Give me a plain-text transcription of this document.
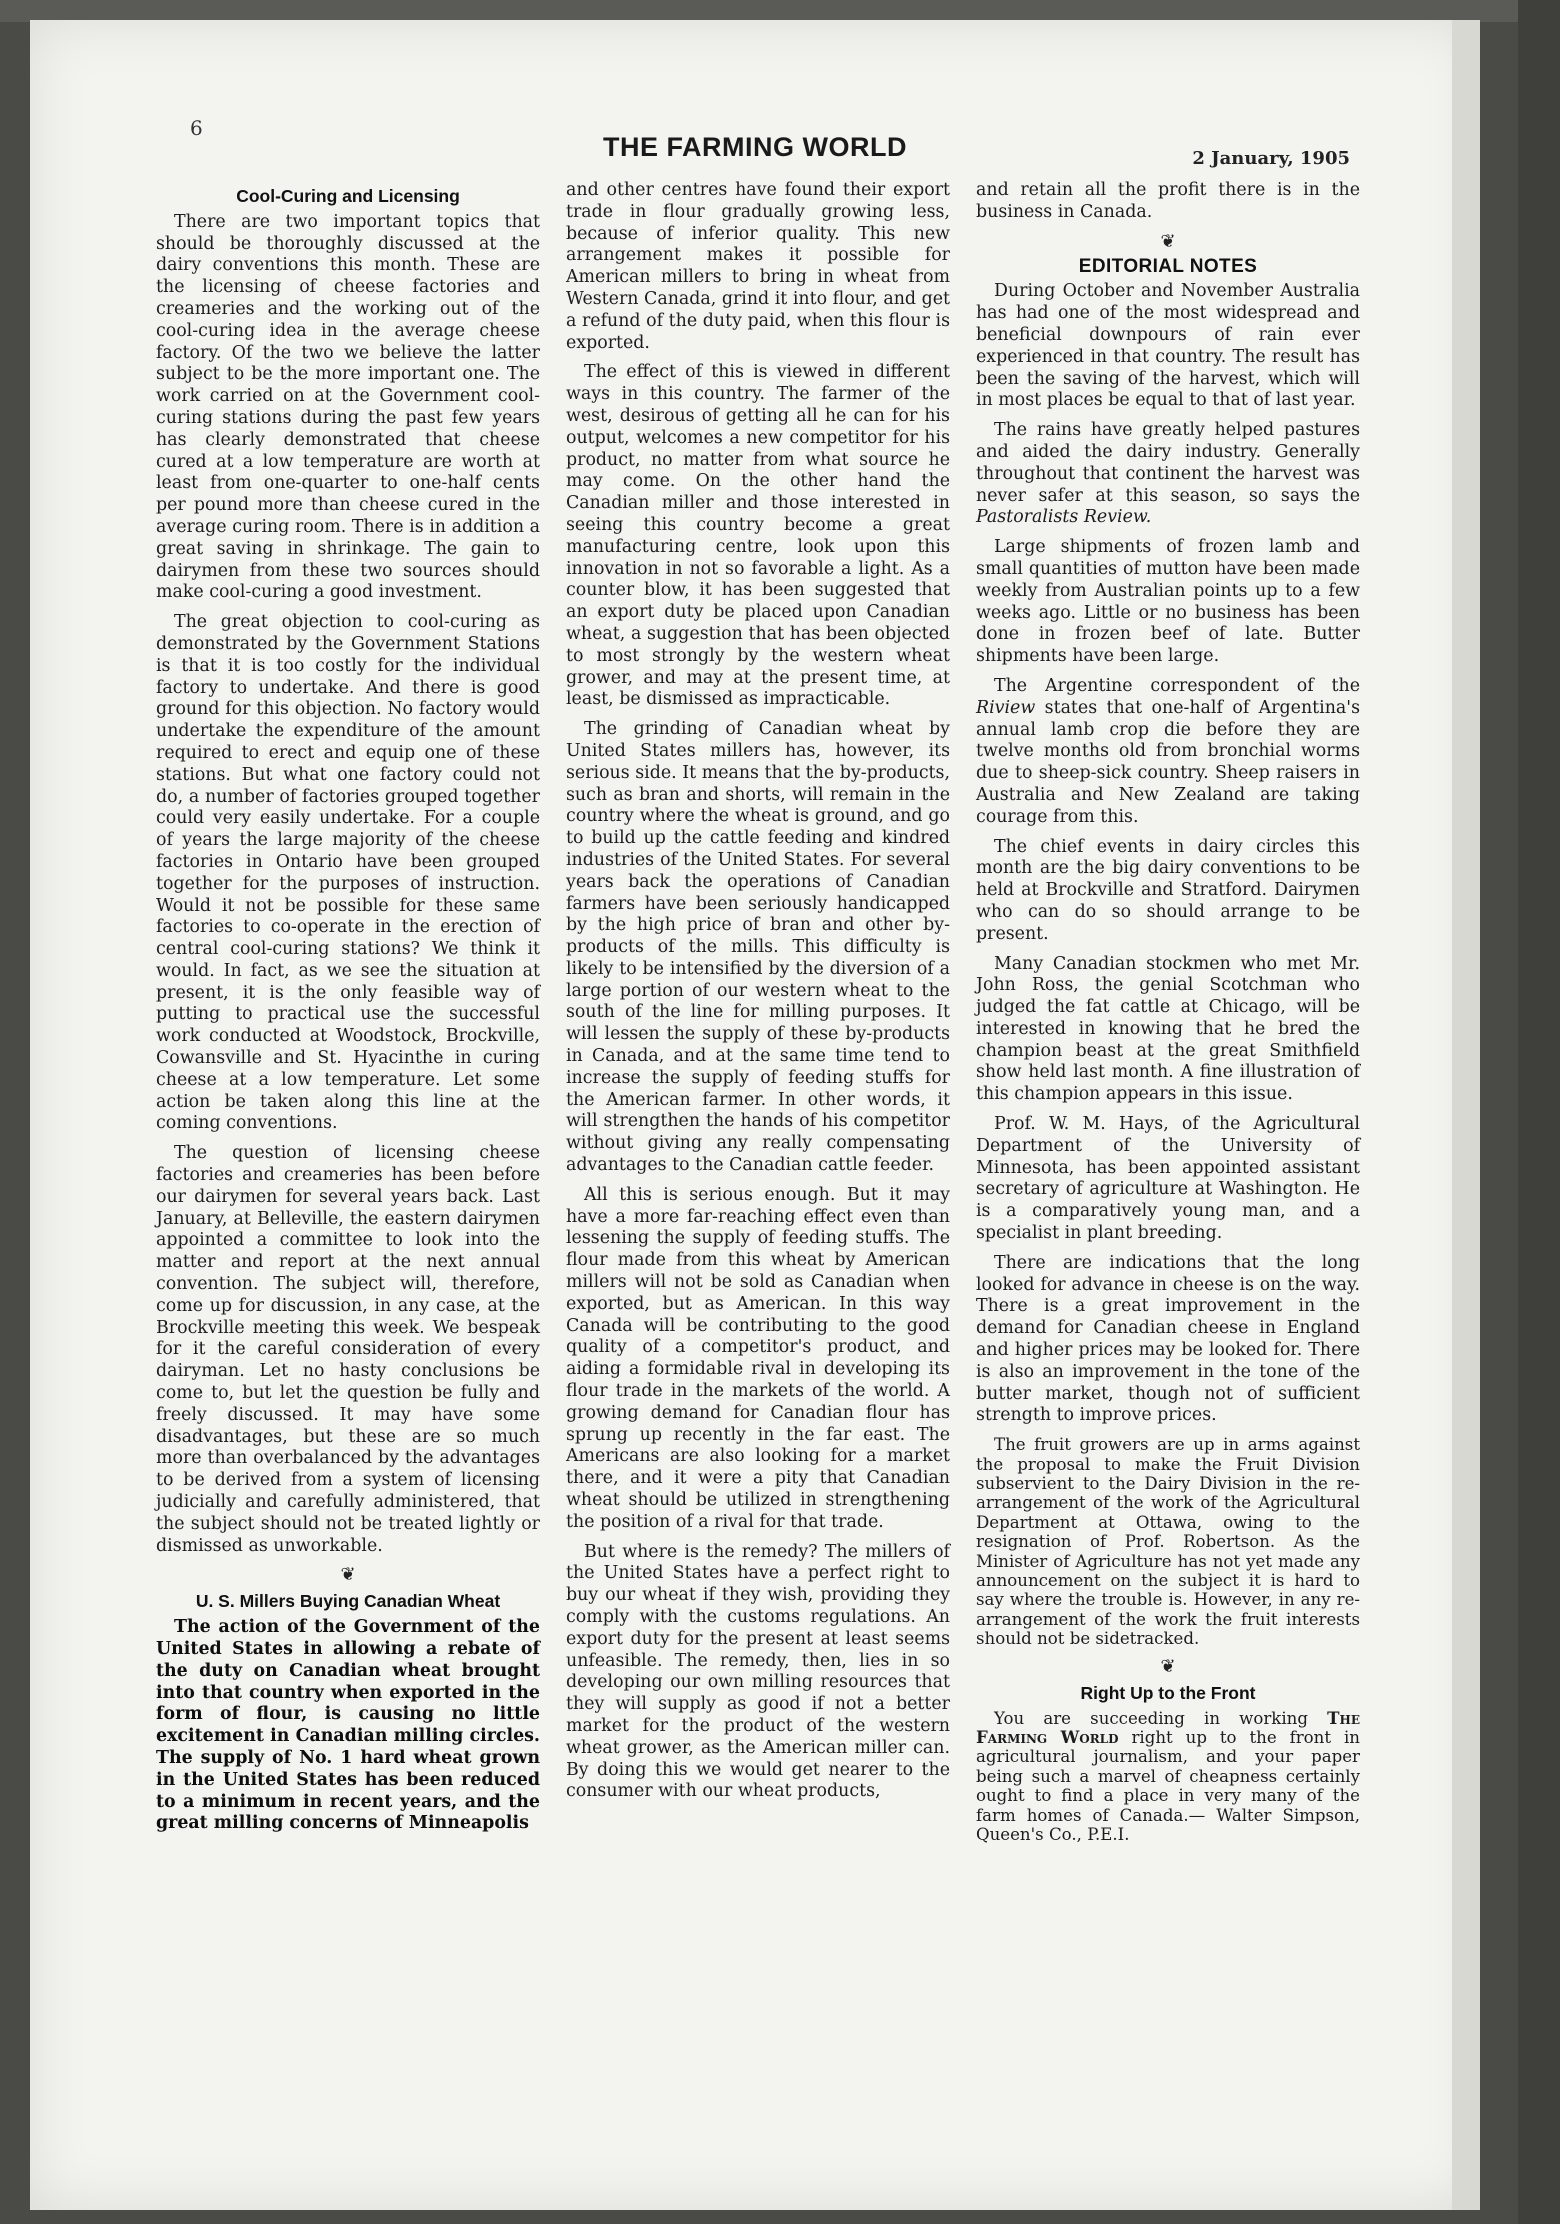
6
THE FARMING WORLD	2 January, 1905
Cool-Curing and Licensing

There are two important topics that should be thoroughly discussed at the dairy conventions this month. These are the licensing of cheese factories and creameries and the working out of the cool-curing idea in the average cheese factory. Of the two we believe the latter subject to be the more important one. The work carried on at the Government cool-curing stations during the past few years has clearly demonstrated that cheese cured at a low temperature are worth at least from one-quarter to one-half cents per pound more than cheese cured in the average curing room. There is in addition a great saving in shrinkage. The gain to dairymen from these two sources should make cool-curing a good investment.

The great objection to cool-curing as demonstrated by the Government Stations is that it is too costly for the individual factory to undertake. And there is good ground for this objection. No factory would undertake the expenditure of the amount required to erect and equip one of these stations. But what one factory could not do, a number of factories grouped together could very easily undertake. For a couple of years the large majority of the cheese factories in Ontario have been grouped together for the purposes of instruction. Would it not be possible for these same factories to co-operate in the erection of central cool-curing stations? We think it would. In fact, as we see the situation at present, it is the only feasible way of putting to practical use the successful work conducted at Woodstock, Brockville, Cowansville and St. Hyacinthe in curing cheese at a low temperature. Let some action be taken along this line at the coming conventions.

The question of licensing cheese factories and creameries has been before our dairymen for several years back. Last January, at Belleville, the eastern dairymen appointed a committee to look into the matter and report at the next annual convention. The subject will, therefore, come up for discussion, in any case, at the Brockville meeting this week. We bespeak for it the careful consideration of every dairyman. Let no hasty conclusions be come to, but let the question be fully and freely discussed. It may have some disadvantages, but these are so much more than overbalanced by the advantages to be derived from a system of licensing judicially and carefully administered, that the subject should not be treated lightly or dismissed as unworkable.

❦
U. S. Millers Buying Canadian Wheat

The action of the Government of the United States in allowing a rebate of the duty on Canadian wheat brought into that country when exported in the form of flour, is causing no little excitement in Canadian milling circles. The supply of No. 1 hard wheat grown in the United States has been reduced to a minimum in recent years, and the great milling concerns of Minneapolis

and other centres have found their export trade in flour gradually growing less, because of inferior quality. This new arrangement makes it possible for American millers to bring in wheat from Western Canada, grind it into flour, and get a refund of the duty paid, when this flour is exported.

The effect of this is viewed in different ways in this country. The farmer of the west, desirous of getting all he can for his output, welcomes a new competitor for his product, no matter from what source he may come. On the other hand the Canadian miller and those interested in seeing this country become a great manufacturing centre, look upon this innovation in not so favorable a light. As a counter blow, it has been suggested that an export duty be placed upon Canadian wheat, a suggestion that has been objected to most strongly by the western wheat grower, and may at the present time, at least, be dismissed as impracticable.

The grinding of Canadian wheat by United States millers has, however, its serious side. It means that the by-products, such as bran and shorts, will remain in the country where the wheat is ground, and go to build up the cattle feeding and kindred industries of the United States. For several years back the operations of Canadian farmers have been seriously handicapped by the high price of bran and other by-products of the mills. This difficulty is likely to be intensified by the diversion of a large portion of our western wheat to the south of the line for milling purposes. It will lessen the supply of these by-products in Canada, and at the same time tend to increase the supply of feeding stuffs for the American farmer. In other words, it will strengthen the hands of his competitor without giving any really compensating advantages to the Canadian cattle feeder.

All this is serious enough. But it may have a more far-reaching effect even than lessening the supply of feeding stuffs. The flour made from this wheat by American millers will not be sold as Canadian when exported, but as American. In this way Canada will be contributing to the good quality of a competitor's product, and aiding a formidable rival in developing its flour trade in the markets of the world. A growing demand for Canadian flour has sprung up recently in the far east. The Americans are also looking for a market there, and it were a pity that Canadian wheat should be utilized in strengthening the position of a rival for that trade.

But where is the remedy? The millers of the United States have a perfect right to buy our wheat if they wish, providing they comply with the customs regulations. An export duty for the present at least seems unfeasible. The remedy, then, lies in so developing our own milling resources that they will supply as good if not a better market for the product of the western wheat grower, as the American miller can. By doing this we would get nearer to the consumer with our wheat products,

and retain all the profit there is in the business in Canada.

❦
EDITORIAL NOTES

During October and November Australia has had one of the most widespread and beneficial downpours of rain ever experienced in that country. The result has been the saving of the harvest, which will in most places be equal to that of last year.

The rains have greatly helped pastures and aided the dairy industry. Generally throughout that continent the harvest was never safer at this season, so says the Pastoralists Review.

Large shipments of frozen lamb and small quantities of mutton have been made weekly from Australian points up to a few weeks ago. Little or no business has been done in frozen beef of late. Butter shipments have been large.

The Argentine correspondent of the Riview states that one-half of Argentina's annual lamb crop die before they are twelve months old from bronchial worms due to sheep-sick country. Sheep raisers in Australia and New Zealand are taking courage from this.

The chief events in dairy circles this month are the big dairy conventions to be held at Brockville and Stratford. Dairymen who can do so should arrange to be present.

Many Canadian stockmen who met Mr. John Ross, the genial Scotchman who judged the fat cattle at Chicago, will be interested in knowing that he bred the champion beast at the great Smithfield show held last month. A fine illustration of this champion appears in this issue.

Prof. W. M. Hays, of the Agricultural Department of the University of Minnesota, has been appointed assistant secretary of agriculture at Washington. He is a comparatively young man, and a specialist in plant breeding.

There are indications that the long looked for advance in cheese is on the way. There is a great improvement in the demand for Canadian cheese in England and higher prices may be looked for. There is also an improvement in the tone of the butter market, though not of sufficient strength to improve prices.

The fruit growers are up in arms against the proposal to make the Fruit Division subservient to the Dairy Division in the re-arrangement of the work of the Agricultural Department at Ottawa, owing to the resignation of Prof. Robertson. As the Minister of Agriculture has not yet made any announcement on the subject it is hard to say where the trouble is. However, in any re-arrangement of the work the fruit interests should not be sidetracked.

❦
Right Up to the Front

You are succeeding in working The Farming World right up to the front in agricultural journalism, and your paper being such a marvel of cheapness certainly ought to find a place in very many of the farm homes of Canada.— Walter Simpson, Queen's Co., P.E.I.
